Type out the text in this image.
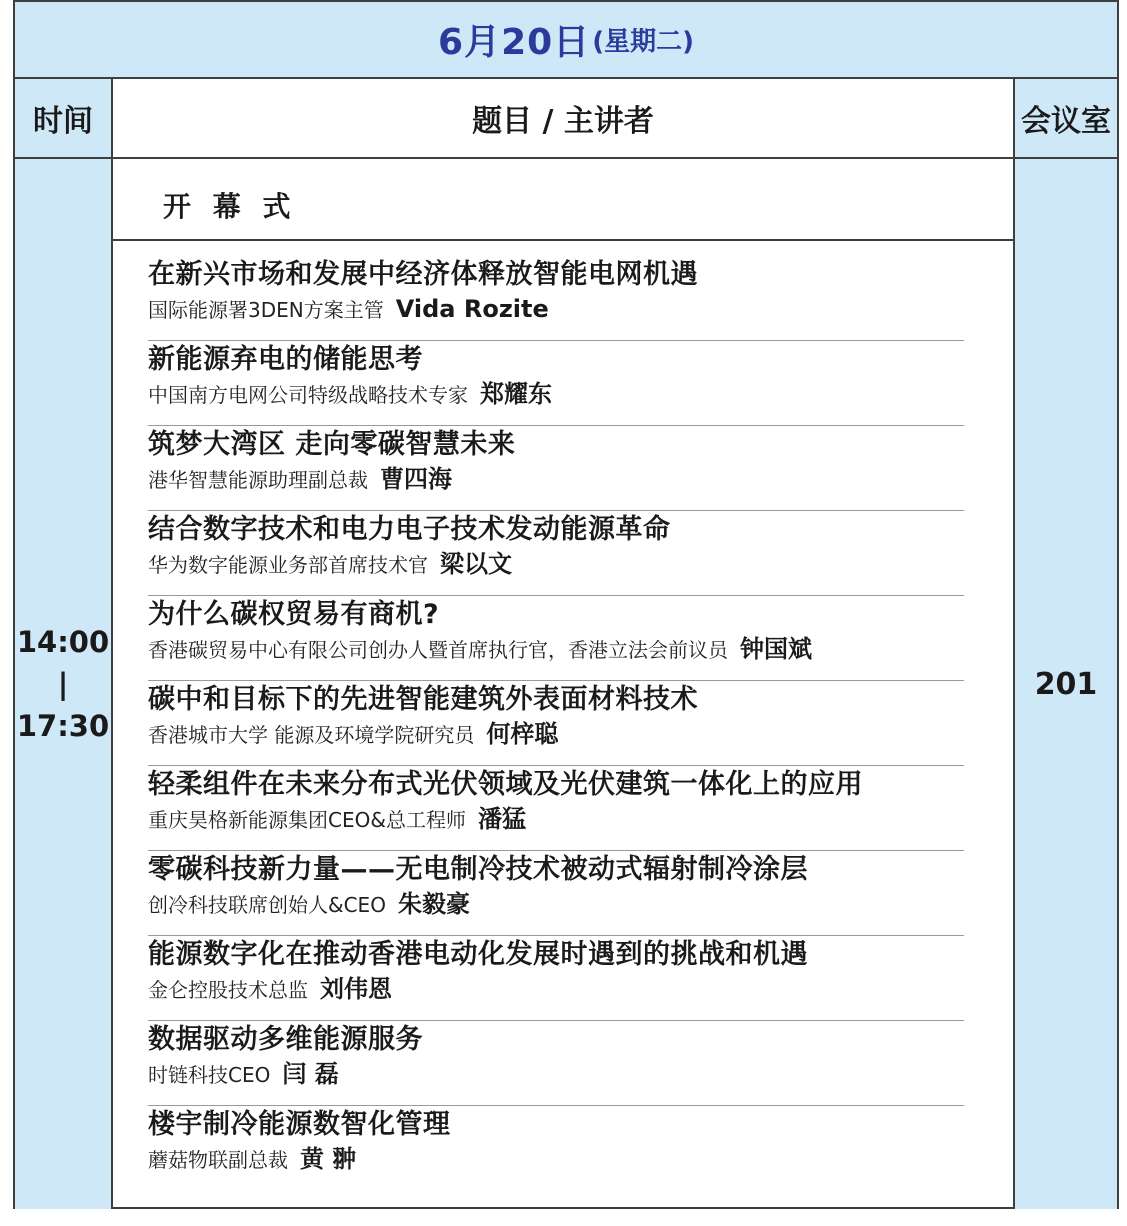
6月20日 (星期二)
时间	题目 / 主讲者	会议室
14:00
|
17:30
201
开 幕 式
在新兴市场和发展中经济体释放智能电网机遇
国际能源署3DEN方案主管 Vida Rozite
新能源弃电的储能思考
中国南方电网公司特级战略技术专家 郑耀东
筑梦大湾区 走向零碳智慧未来
港华智慧能源助理副总裁 曹四海
结合数字技术和电力电子技术发动能源革命
华为数字能源业务部首席技术官 梁以文
为什么碳权贸易有商机?
香港碳贸易中心有限公司创办人暨首席执行官，香港立法会前议员 钟国斌
碳中和目标下的先进智能建筑外表面材料技术
香港城市大学 能源及环境学院研究员 何梓聪
轻柔组件在未来分布式光伏领域及光伏建筑一体化上的应用
重庆昊格新能源集团CEO&总工程师 潘猛
零碳科技新力量——无电制冷技术被动式辐射制冷涂层
创冷科技联席创始人&CEO 朱毅豪
能源数字化在推动香港电动化发展时遇到的挑战和机遇
金仑控股技术总监 刘伟恩
数据驱动多维能源服务
时链科技CEO 闫 磊
楼宇制冷能源数智化管理
蘑菇物联副总裁 黄 翀
